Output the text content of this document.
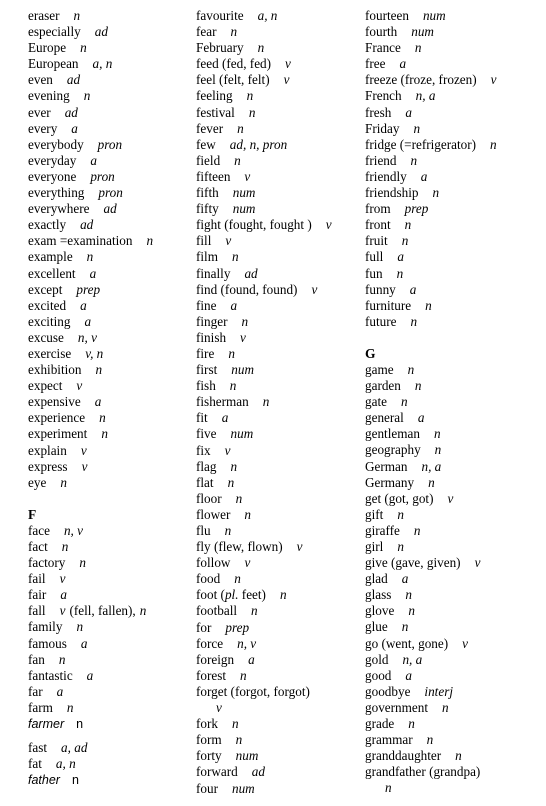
eraser n
especially ad
Europe n
European a, n
even ad
evening n
ever ad
every a
everybody pron
everyday a
everyone pron
everything pron
everywhere ad
exactly ad
exam =examination n
example n
excellent a
except prep
excited a
exciting a
excuse n, v
exercise v, n
exhibition n
expect v
expensive a
experience n
experiment n
explain v
express v
eye n
F
face n, v
fact n
factory n
fail v
fair a
fall v (fell, fallen), n
family n
famous a
fan n
fantastic a
far a
farm n
farmer n
fast a, ad
fat a, n
father n
favourite a, n
fear n
February n
feed (fed, fed) v
feel (felt, felt) v
feeling n
festival n
fever n
few ad, n, pron
field n
fifteen v
fifth num
fifty num
fight (fought, fought ) v
fill v
film n
finally ad
find (found, found) v
fine a
finger n
finish v
fire n
first num
fish n
fisherman n
fit a
five num
fix v
flag n
flat n
floor n
flower n
flu n
fly (flew, flown) v
follow v
food n
foot (pl. feet) n
football n
for prep
force n, v
foreign a
forest n
forget (forgot, forgot)
v
fork n
form n
forty num
forward ad
four num
fourteen num
fourth num
France n
free a
freeze (froze, frozen) v
French n, a
fresh a
Friday n
fridge (=refrigerator) n
friend n
friendly a
friendship n
from prep
front n
fruit n
full a
fun n
funny a
furniture n
future n
G
game n
garden n
gate n
general a
gentleman n
geography n
German n, a
Germany n
get (got, got) v
gift n
giraffe n
girl n
give (gave, given) v
glad a
glass n
glove n
glue n
go (went, gone) v
gold n, a
good a
goodbye interj
government n
grade n
grammar n
granddaughter n
grandfather (grandpa)
n
